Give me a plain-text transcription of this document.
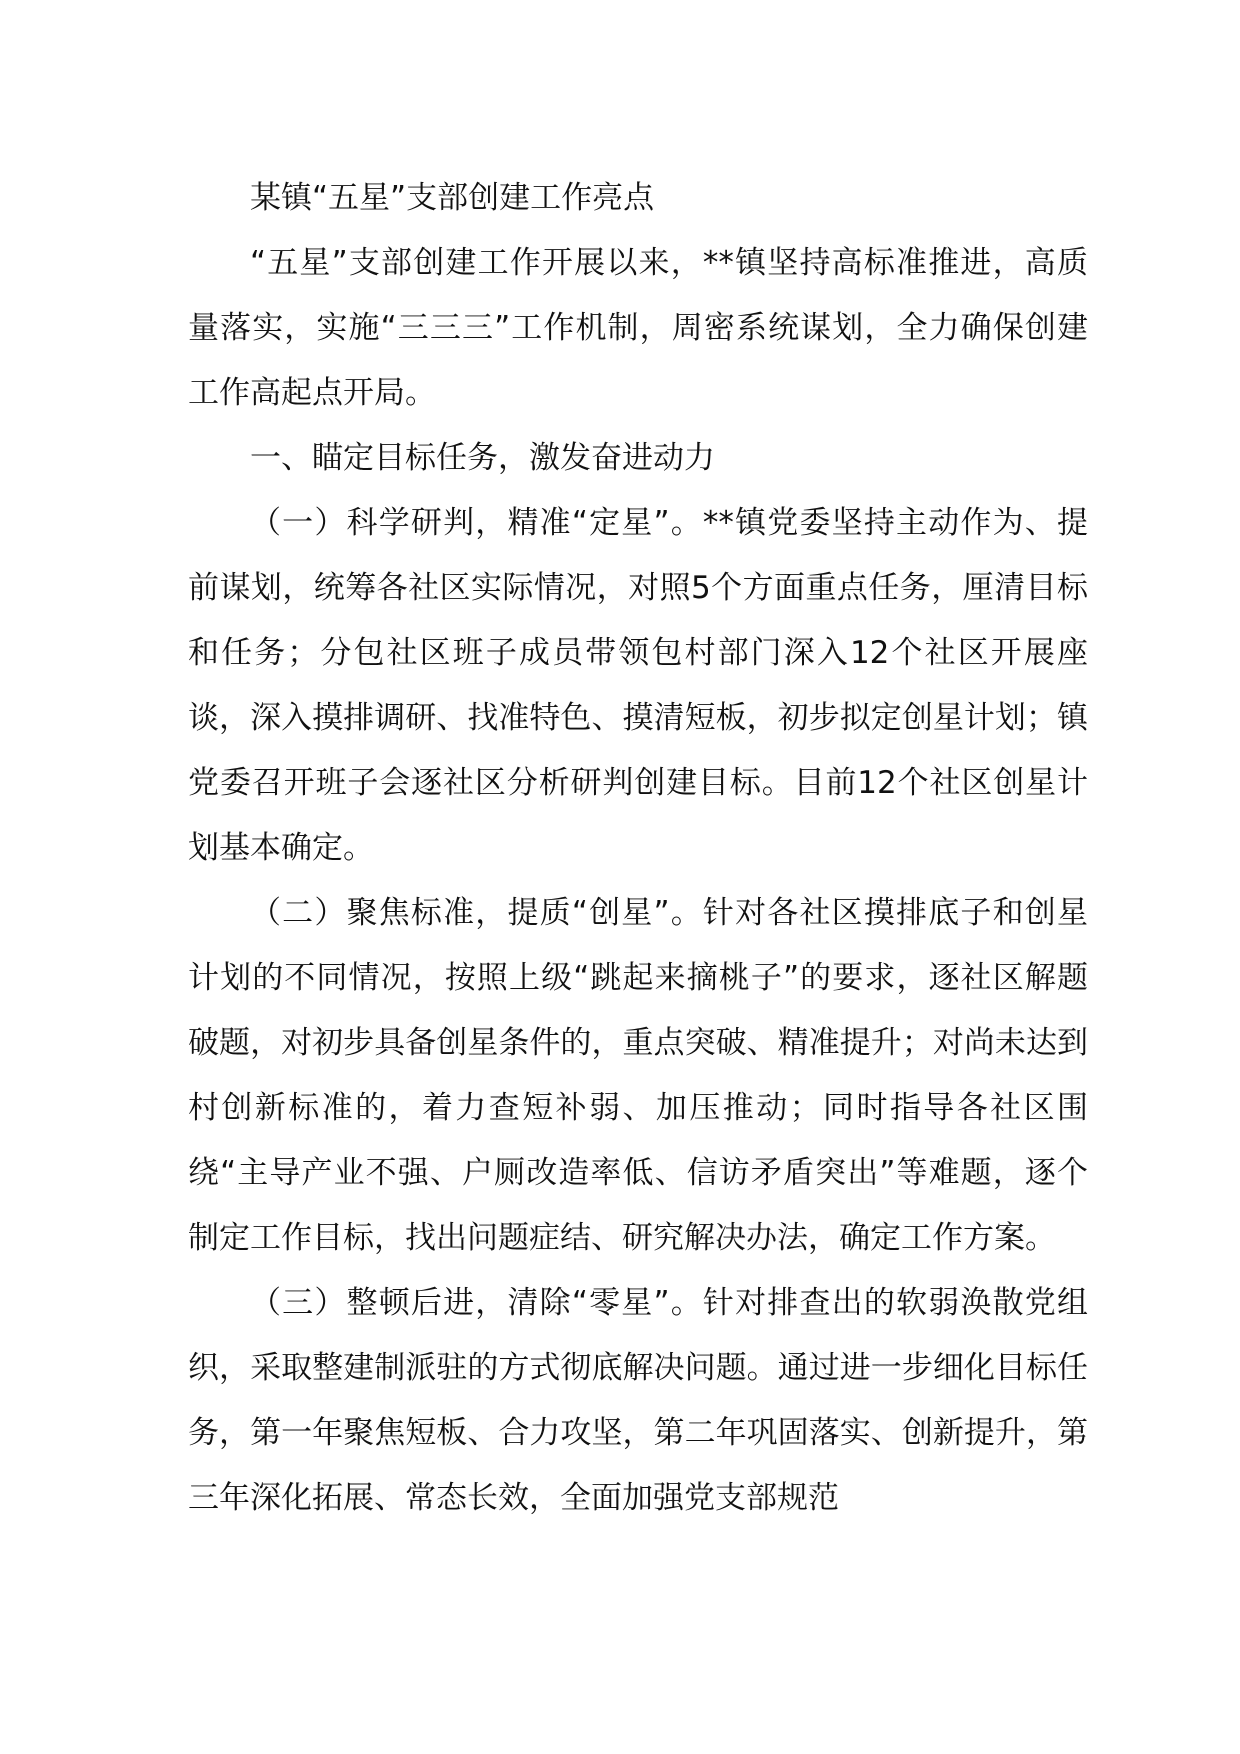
某镇“五星”支部创建工作亮点

“五星”支部创建工作开展以来，**镇坚持高标准推进，高质量落实，实施“三三三”工作机制，周密系统谋划，全力确保创建工作高起点开局。

一、瞄定目标任务，激发奋进动力

（一）科学研判，精准“定星”。**镇党委坚持主动作为、提前谋划，统筹各社区实际情况，对照5个方面重点任务，厘清目标和任务；分包社区班子成员带领包村部门深入12个社区开展座谈，深入摸排调研、找准特色、摸清短板，初步拟定创星计划；镇党委召开班子会逐社区分析研判创建目标。目前12个社区创星计划基本确定。

（二）聚焦标准，提质“创星”。针对各社区摸排底子和创星计划的不同情况，按照上级“跳起来摘桃子”的要求，逐社区解题破题，对初步具备创星条件的，重点突破、精准提升；对尚未达到村创新标准的，着力查短补弱、加压推动；同时指导各社区围绕“主导产业不强、户厕改造率低、信访矛盾突出”等难题，逐个制定工作目标，找出问题症结、研究解决办法，确定工作方案。

（三）整顿后进，清除“零星”。针对排查出的软弱涣散党组织，采取整建制派驻的方式彻底解决问题。通过进一步细化目标任务，第一年聚焦短板、合力攻坚，第二年巩固落实、创新提升，第三年深化拓展、常态长效，全面加强党支部规范
